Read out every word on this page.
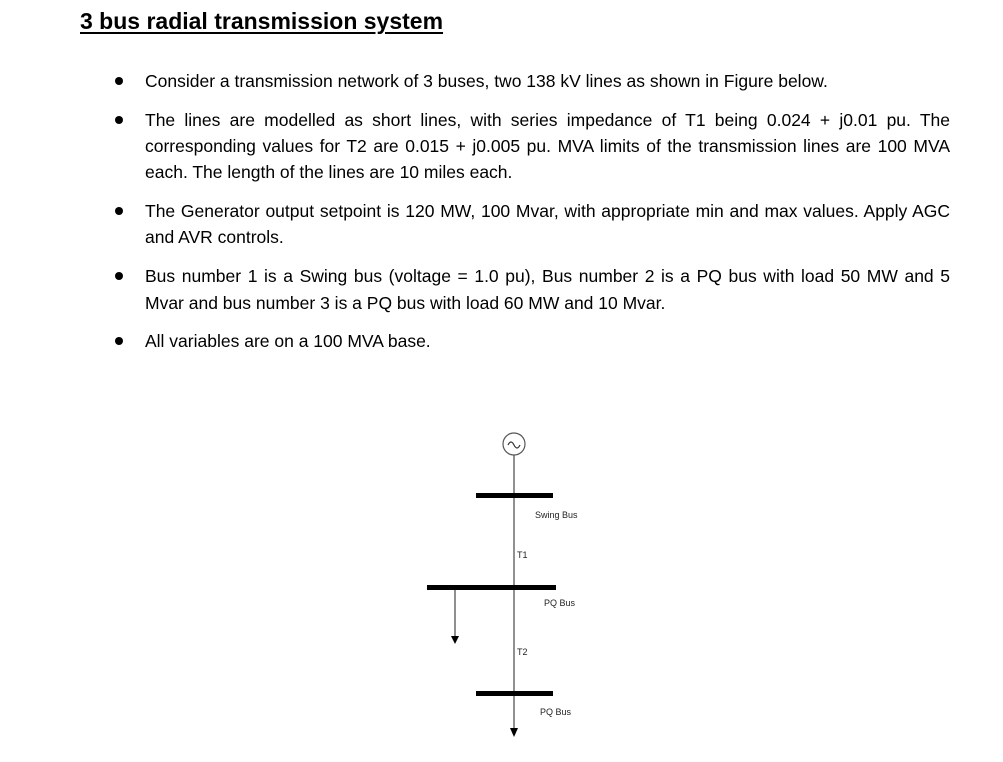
3 bus radial transmission system
Consider a transmission network of 3 buses, two 138 kV lines as shown in Figure below.
The lines are modelled as short lines, with series impedance of T1 being 0.024 + j0.01 pu. The corresponding values for T2 are 0.015 + j0.005 pu. MVA limits of the transmission lines are 100 MVA each. The length of the lines are 10 miles each.
The Generator output setpoint is 120 MW, 100 Mvar, with appropriate min and max values. Apply AGC and AVR controls.
Bus number 1 is a Swing bus (voltage = 1.0 pu), Bus number 2 is a PQ bus with load 50 MW and 5 Mvar and bus number 3 is a PQ bus with load 60 MW and 10 Mvar.
All variables are on a 100 MVA base.
Swing Bus
T1
PQ Bus
T2
PQ Bus
